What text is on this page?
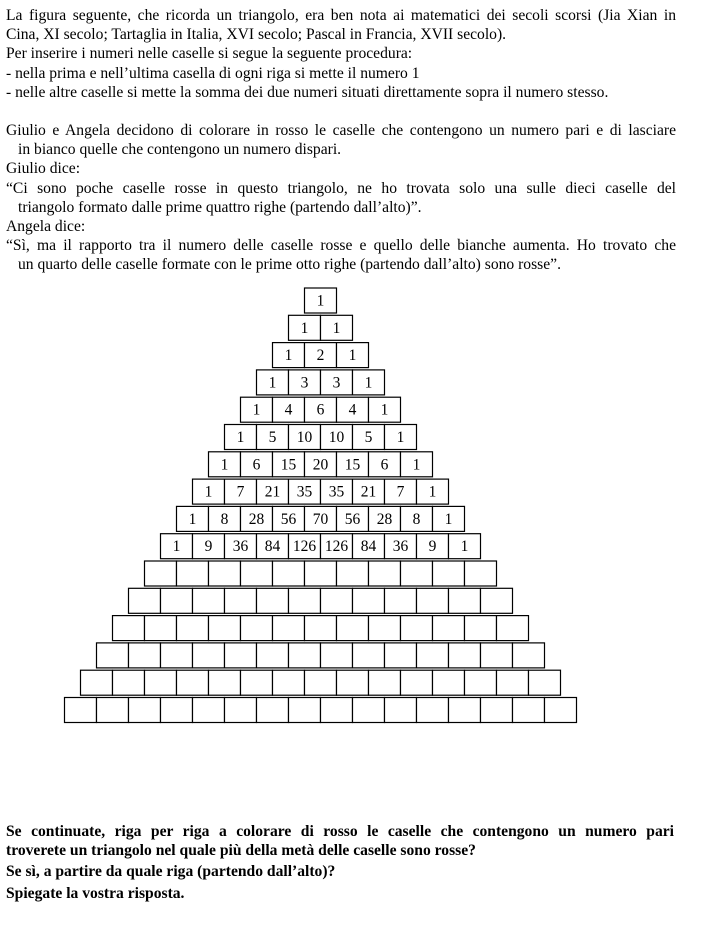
La figura seguente, che ricorda un triangolo, era ben nota ai matematici dei secoli scorsi (Jia Xian in
Cina, XI secolo; Tartaglia in Italia, XVI secolo; Pascal in Francia, XVII secolo).
Per inserire i numeri nelle caselle si segue la seguente procedura:
- nella prima e nell’ultima casella di ogni riga si mette il numero 1
- nelle altre caselle si mette la somma dei due numeri situati direttamente sopra il numero stesso.
Giulio e Angela decidono di colorare in rosso le caselle che contengono un numero pari e di lasciare
in bianco quelle che contengono un numero dispari.
Giulio dice:
“Ci sono poche caselle rosse in questo triangolo, ne ho trovata solo una sulle dieci caselle del
triangolo formato dalle prime quattro righe (partendo dall’alto)”.
Angela dice:
“Sì, ma il rapporto tra il numero delle caselle rosse e quello delle bianche aumenta. Ho trovato che
un quarto delle caselle formate con le prime otto righe (partendo dall’alto) sono rosse”.
1
1 1
1 2 1
1 3 3 1
1 4 6 4 1
1 5 10 10 5 1
1 6 15 20 15 6 1
1 7 21 35 35 21 7 1
1 8 28 56 70 56 28 8 1
1 9 36 84 126 126 84 36 9 1
Se continuate, riga per riga a colorare di rosso le caselle che contengono un numero pari
troverete un triangolo nel quale più della metà delle caselle sono rosse?
Se sì, a partire da quale riga (partendo dall’alto)?
Spiegate la vostra risposta.
